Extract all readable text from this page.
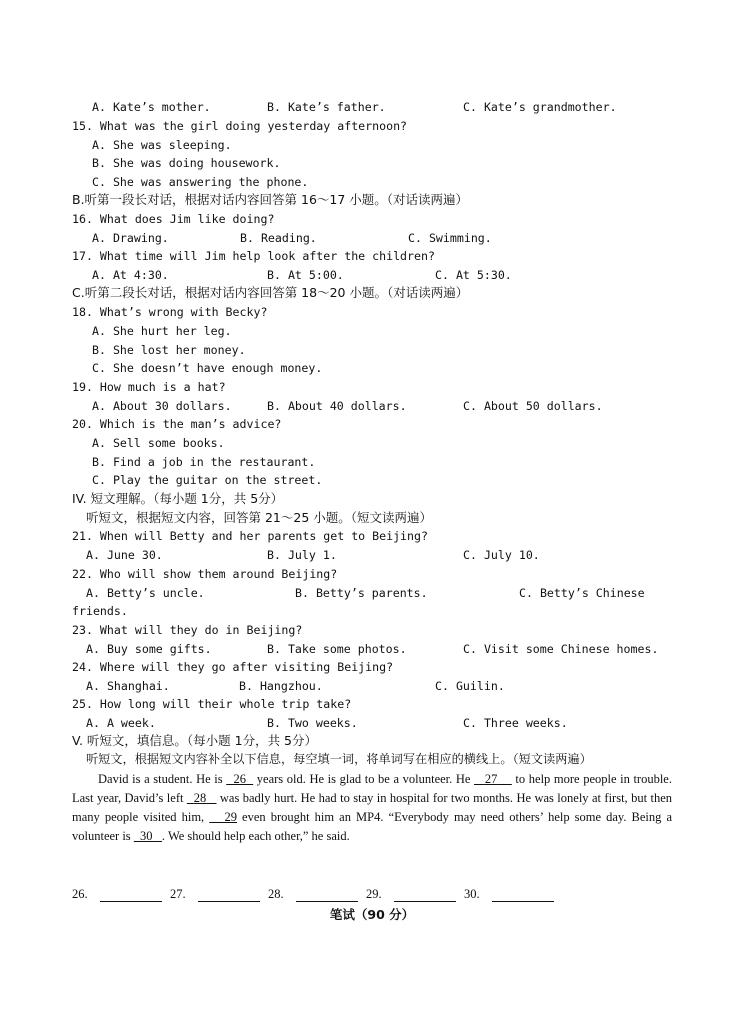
A. Kate’s mother.	B. Kate’s father.	C. Kate’s grandmother.
15. What was the girl doing yesterday afternoon?
A. She was sleeping.
B. She was doing housework.
C. She was answering the phone.
B.听第一段长对话，根据对话内容回答第 16～17 小题。（对话读两遍）
16. What does Jim like doing?
A. Drawing.	B. Reading.	C. Swimming.
17. What time will Jim help look after the children?
A. At 4:30.	B. At 5:00.	C. At 5:30.
C.听第二段长对话，根据对话内容回答第 18～20 小题。（对话读两遍）
18. What’s wrong with Becky?
A. She hurt her leg.
B. She lost her money.
C. She doesn’t have enough money.
19. How much is a hat?
A. About 30 dollars.	B. About 40 dollars.	C. About 50 dollars.
20. Which is the man’s advice?
A. Sell some books.
B. Find a job in the restaurant.
C. Play the guitar on the street.
IV. 短文理解。（每小题 1分，共 5分）
听短文，根据短文内容，回答第 21～25 小题。（短文读两遍）
21. When will Betty and her parents get to Beijing?
A. June 30.	B. July 1.	C. July 10.
22. Who will show them around Beijing?
A. Betty’s uncle.	B. Betty’s parents.	C. Betty’s Chinese
friends.
23. What will they do in Beijing?
A. Buy some gifts.	B. Take some photos.	C. Visit some Chinese homes.
24. Where will they go after visiting Beijing?
A. Shanghai.	B. Hangzhou.	C. Guilin.
25. How long will their whole trip take?
A. A week.	B. Two weeks.	C. Three weeks.
V. 听短文，填信息。（每小题 1分，共 5分）
听短文，根据短文内容补全以下信息，每空填一词，将单词写在相应的横线上。（短文读两遍）
David is a student. He is   26   years old. He is glad to be a volunteer. He    27     to help more people in trouble. Last year, David’s left   28    was badly hurt. He had to stay in hospital for two months. He was lonely at first, but then many people visited him,    29 even brought him an MP4. “Everybody may need others’ help some day. Being a volunteer is   30 . We should help each other,” he said.
26.	27.	28.	29.	30.
笔试（90 分）
